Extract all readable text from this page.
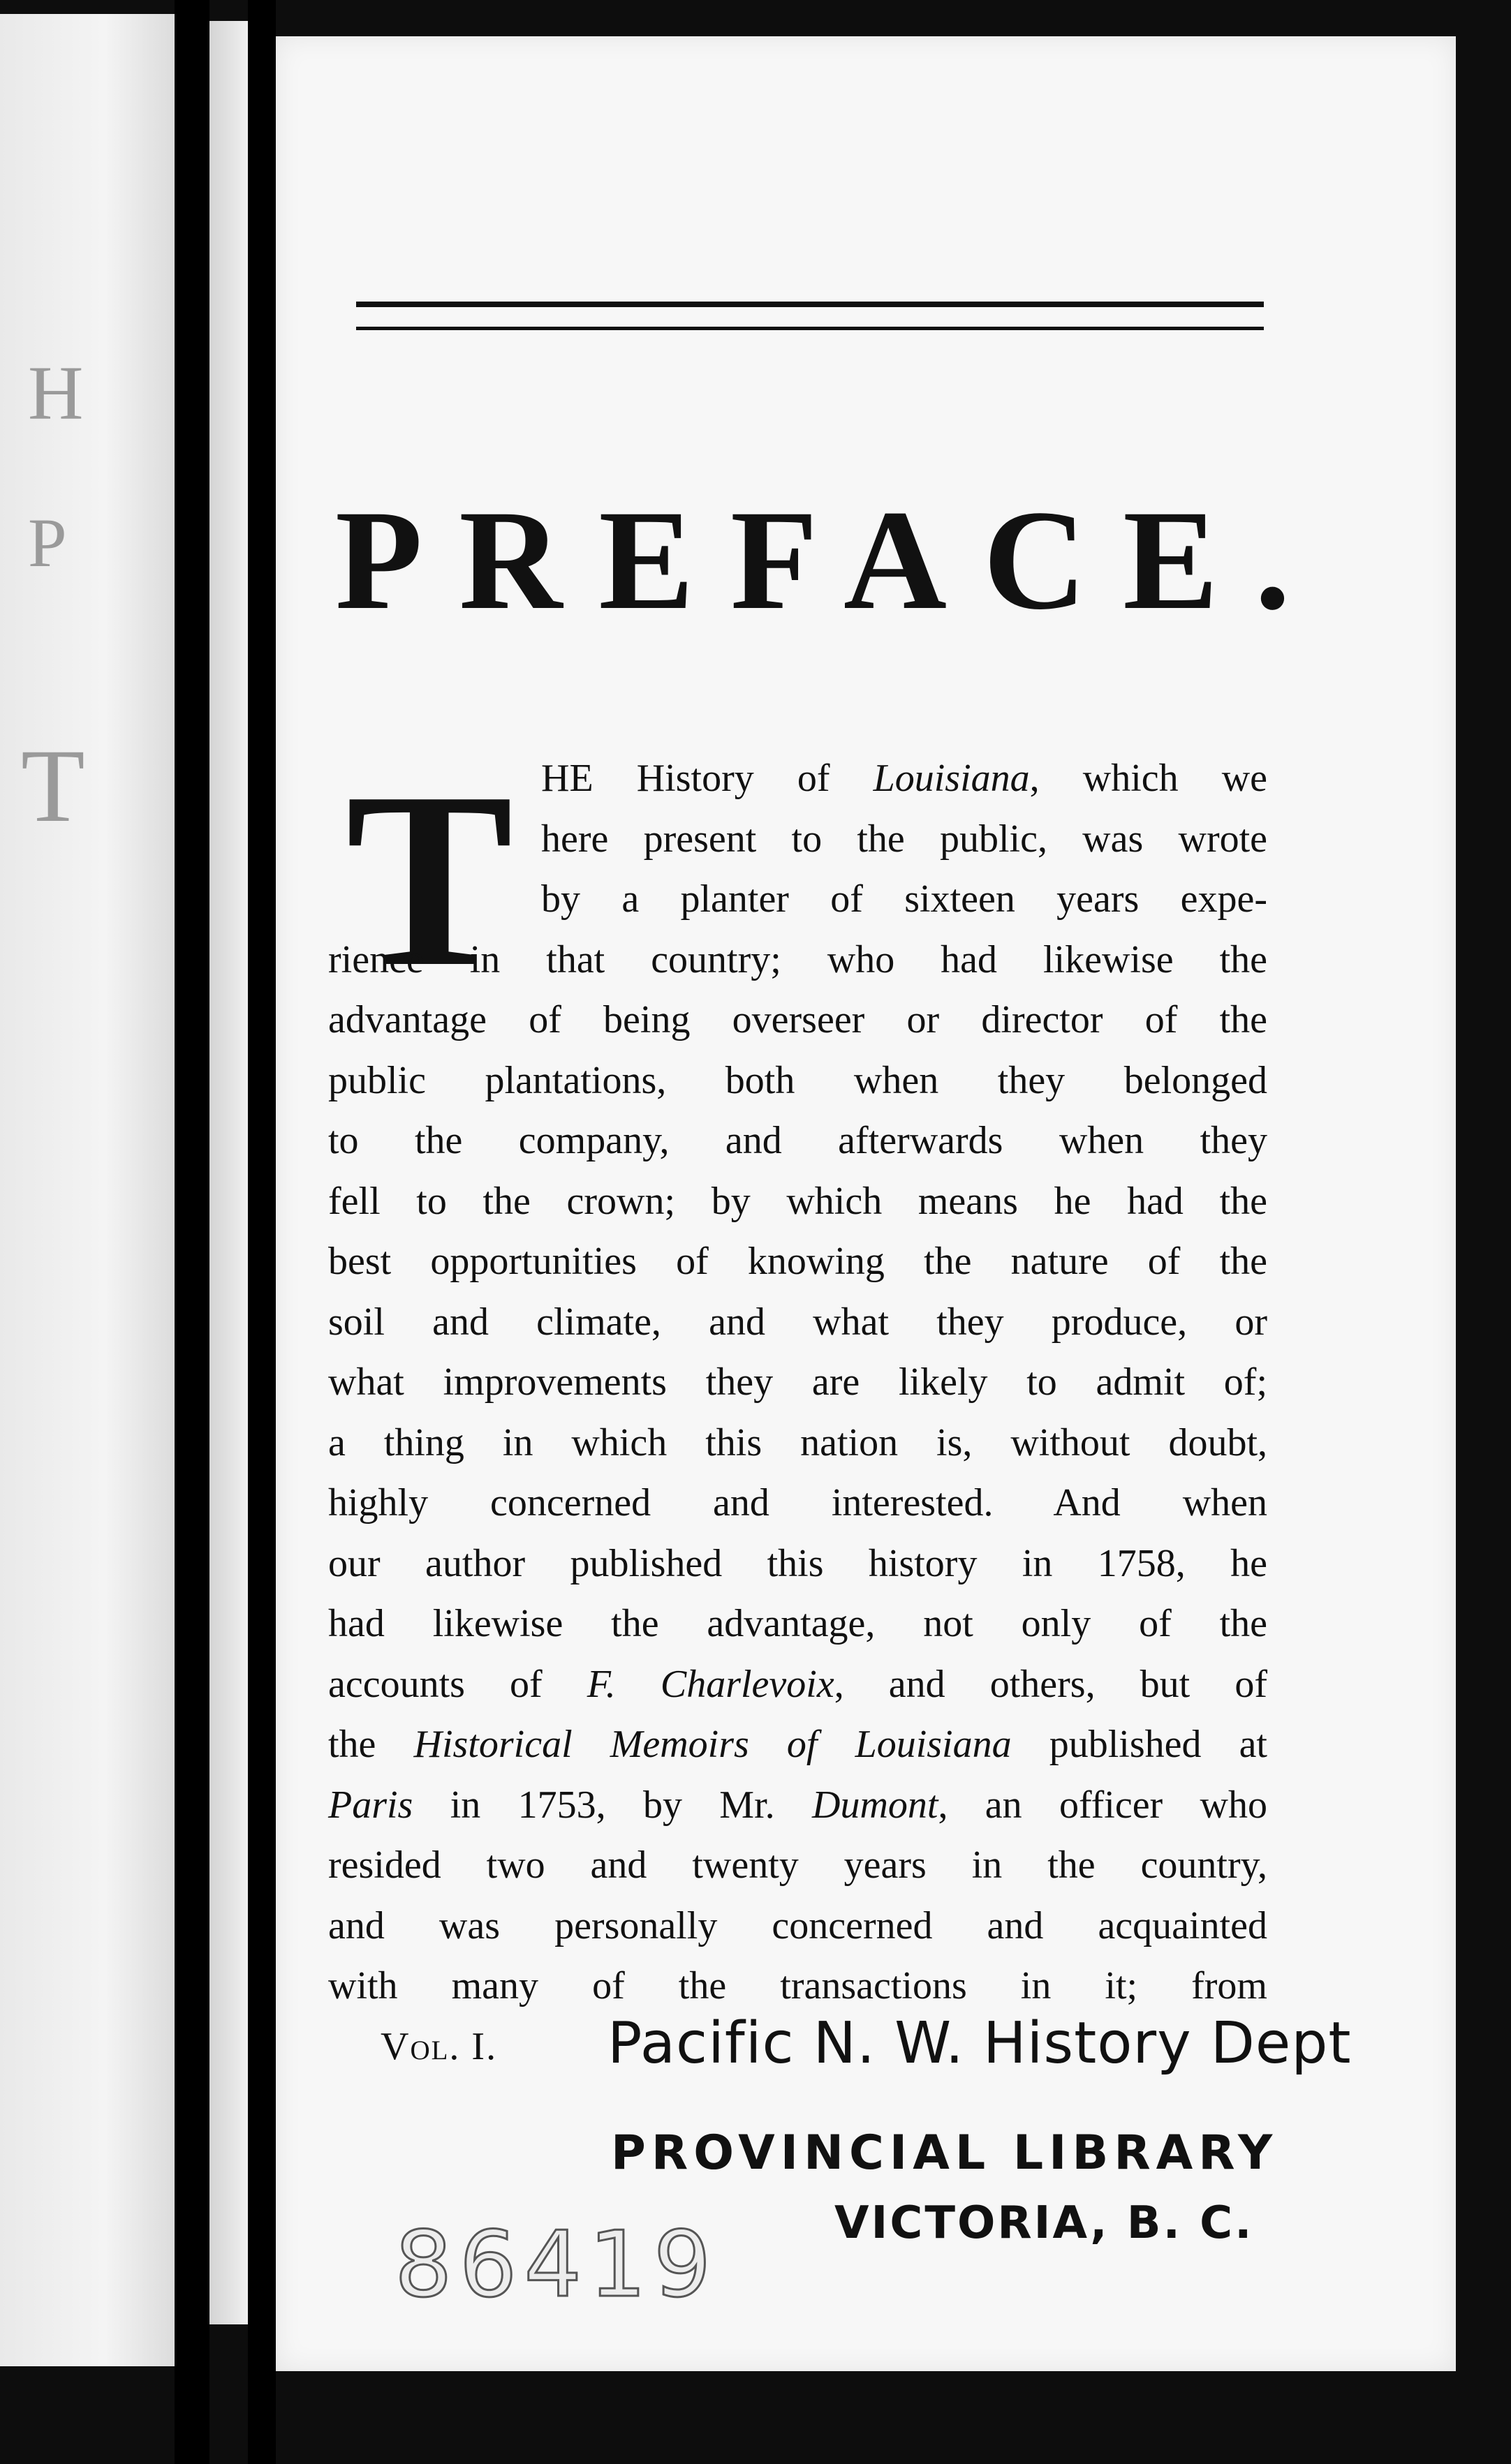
H
P
T
PREFACE.
T HE History of Louisiana, which we
here present to the public, was wrote
by a planter of sixteen years expe-
rience in that country; who had likewise the
advantage of being overseer or director of the
public plantations, both when they belonged
to the company, and afterwards when they
fell to the crown; by which means he had the
best opportunities of knowing the nature of the
soil and climate, and what they produce, or
what improvements they are likely to admit of;
a thing in which this nation is, without doubt,
highly concerned and interested. And when
our author published this history in 1758, he
had likewise the advantage, not only of the
accounts of F. Charlevoix, and others, but of
the Historical Memoirs of Louisiana published at
Paris in 1753, by Mr. Dumont, an officer who
resided two and twenty years in the country,
and was personally concerned and acquainted
with many of the transactions in it; from
Vol. I.
86419
Pacific N. W. History Dept
PROVINCIAL LIBRARY
VICTORIA, B. C.
